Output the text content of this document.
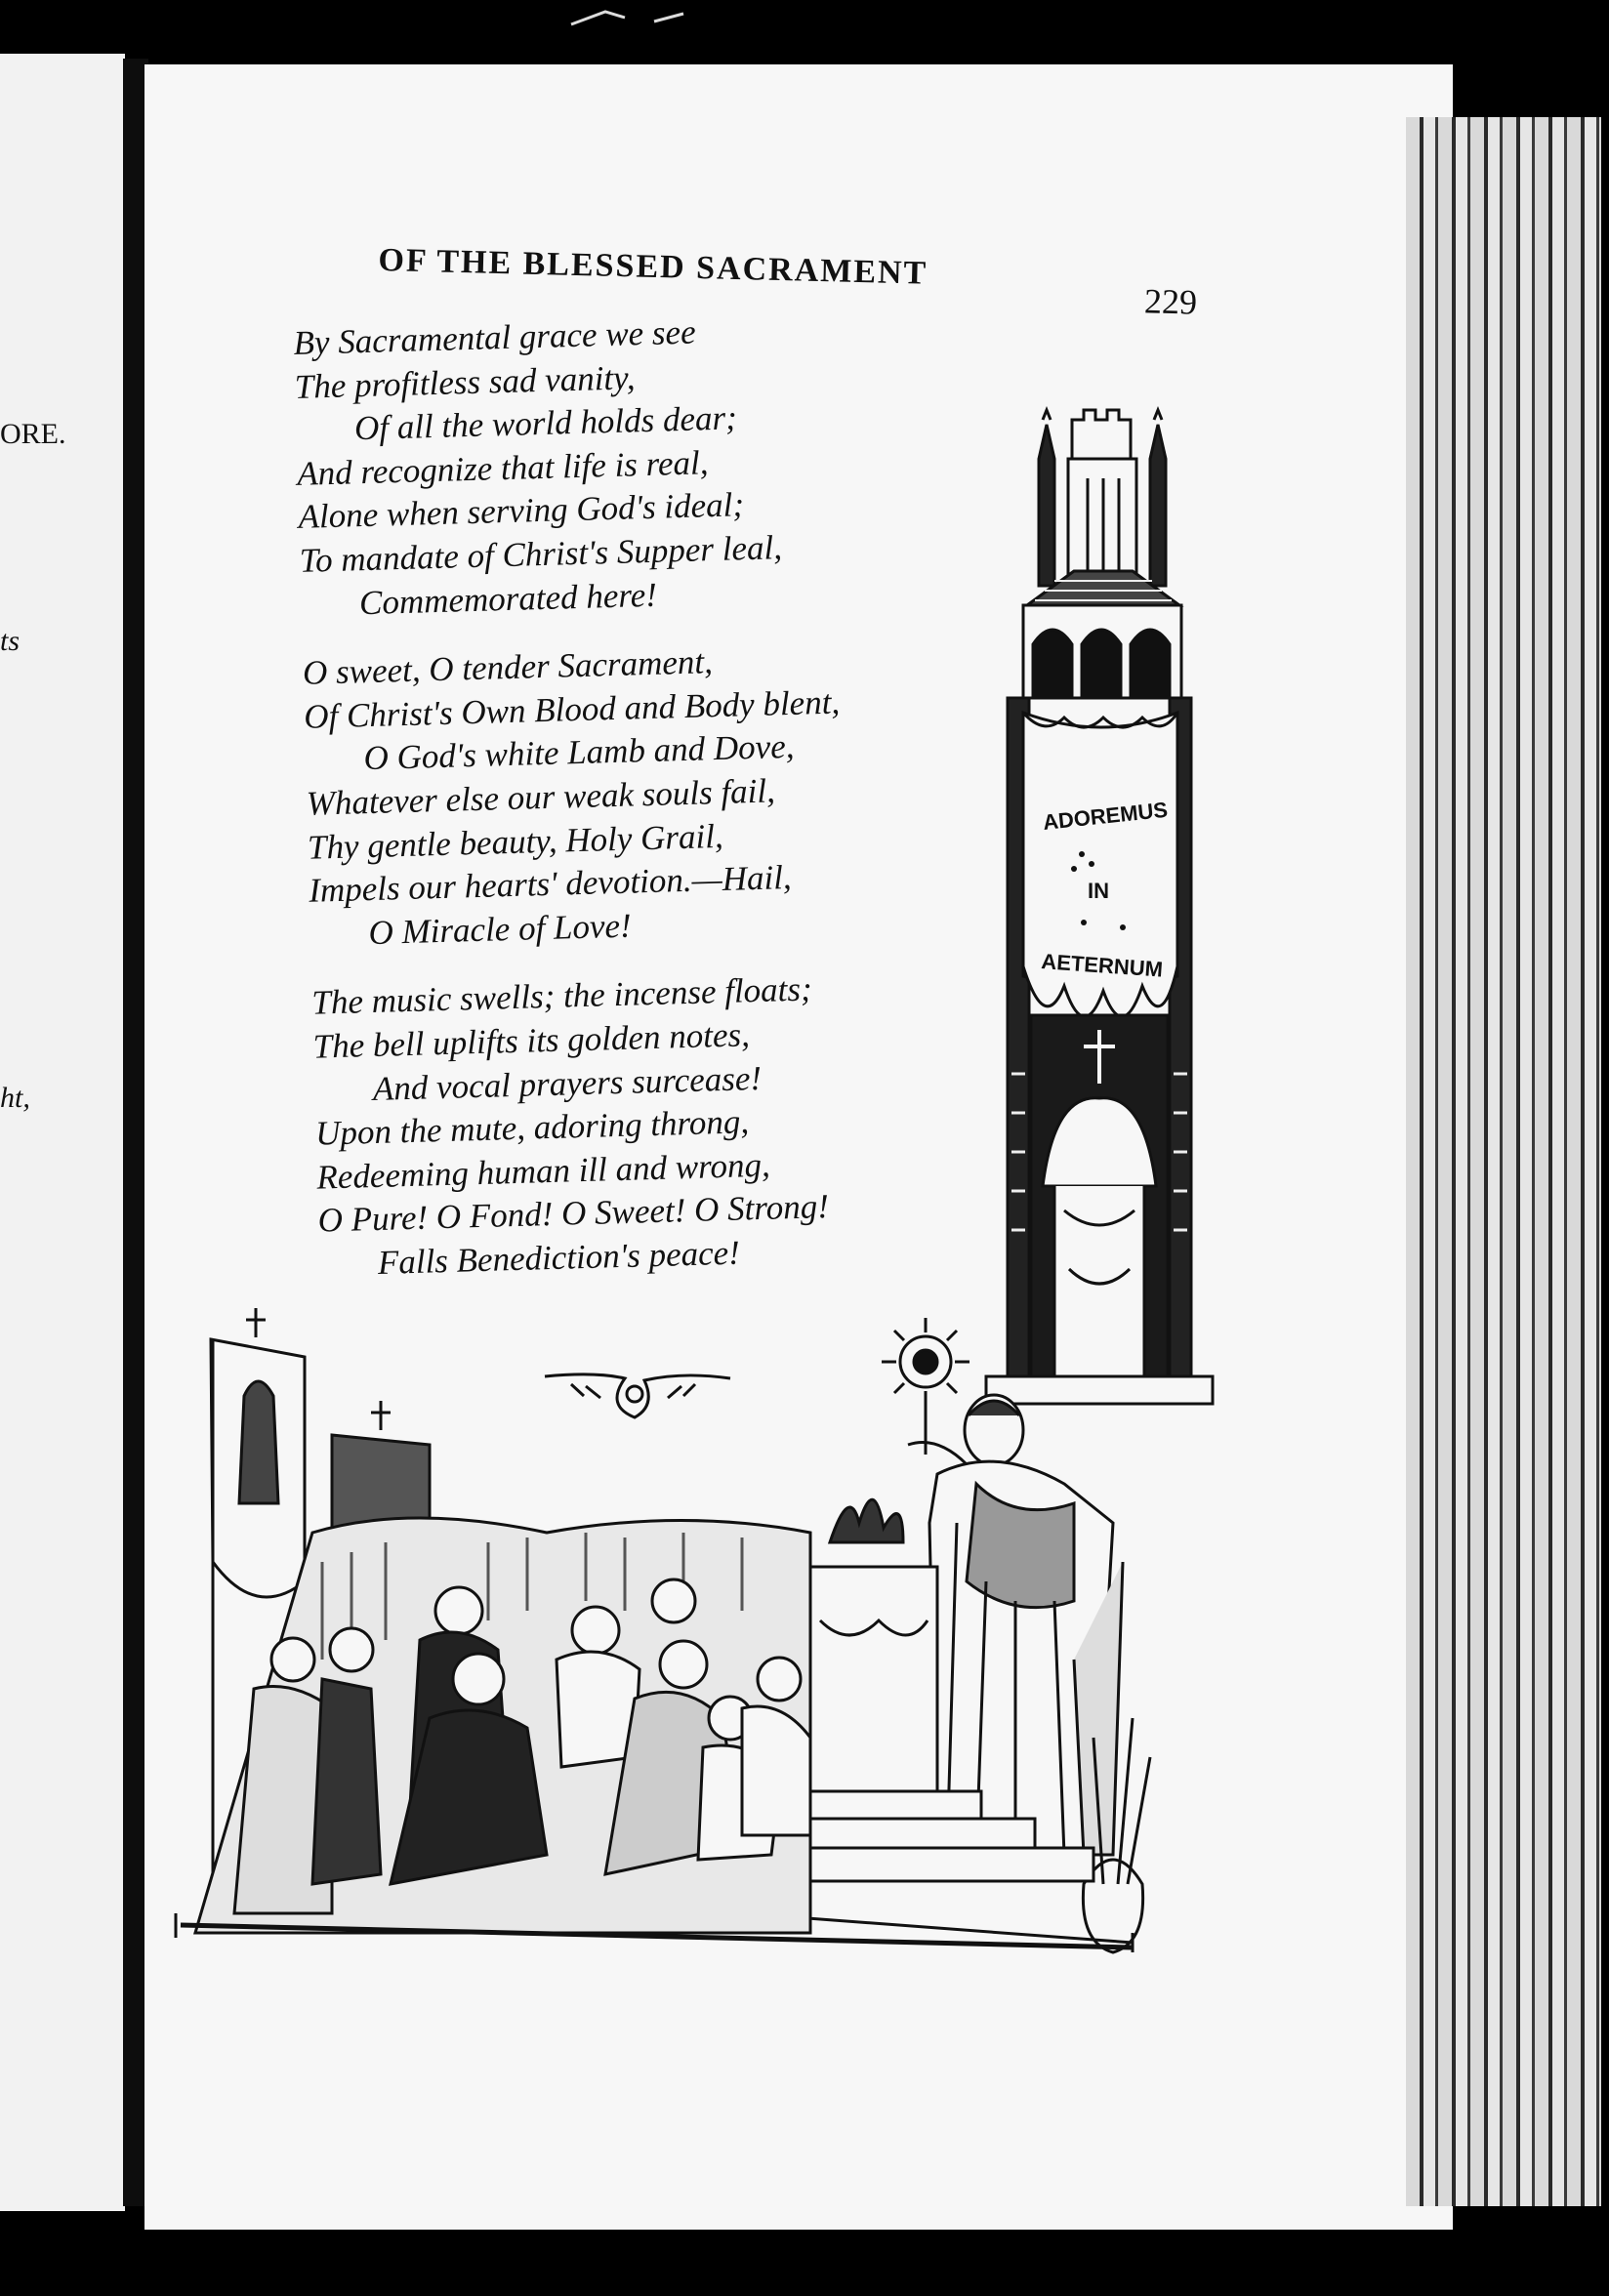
ORE.
ts
ht,
OF THE BLESSED SACRAMENT
229
By Sacramental grace we see
The profitless sad vanity,
Of all the world holds dear;
And recognize that life is real,
Alone when serving God's ideal;
To mandate of Christ's Supper leal,
Commemorated here!
O sweet, O tender Sacrament,
Of Christ's Own Blood and Body blent,
O God's white Lamb and Dove,
Whatever else our weak souls fail,
Thy gentle beauty, Holy Grail,
Impels our hearts' devotion.—Hail,
O Miracle of Love!
The music swells; the incense floats;
The bell uplifts its golden notes,
And vocal prayers surcease!
Upon the mute, adoring throng,
Redeeming human ill and wrong,
O Pure! O Fond! O Sweet! O Strong!
Falls Benediction's peace!
ADOREMUS
IN
AETERNUM
